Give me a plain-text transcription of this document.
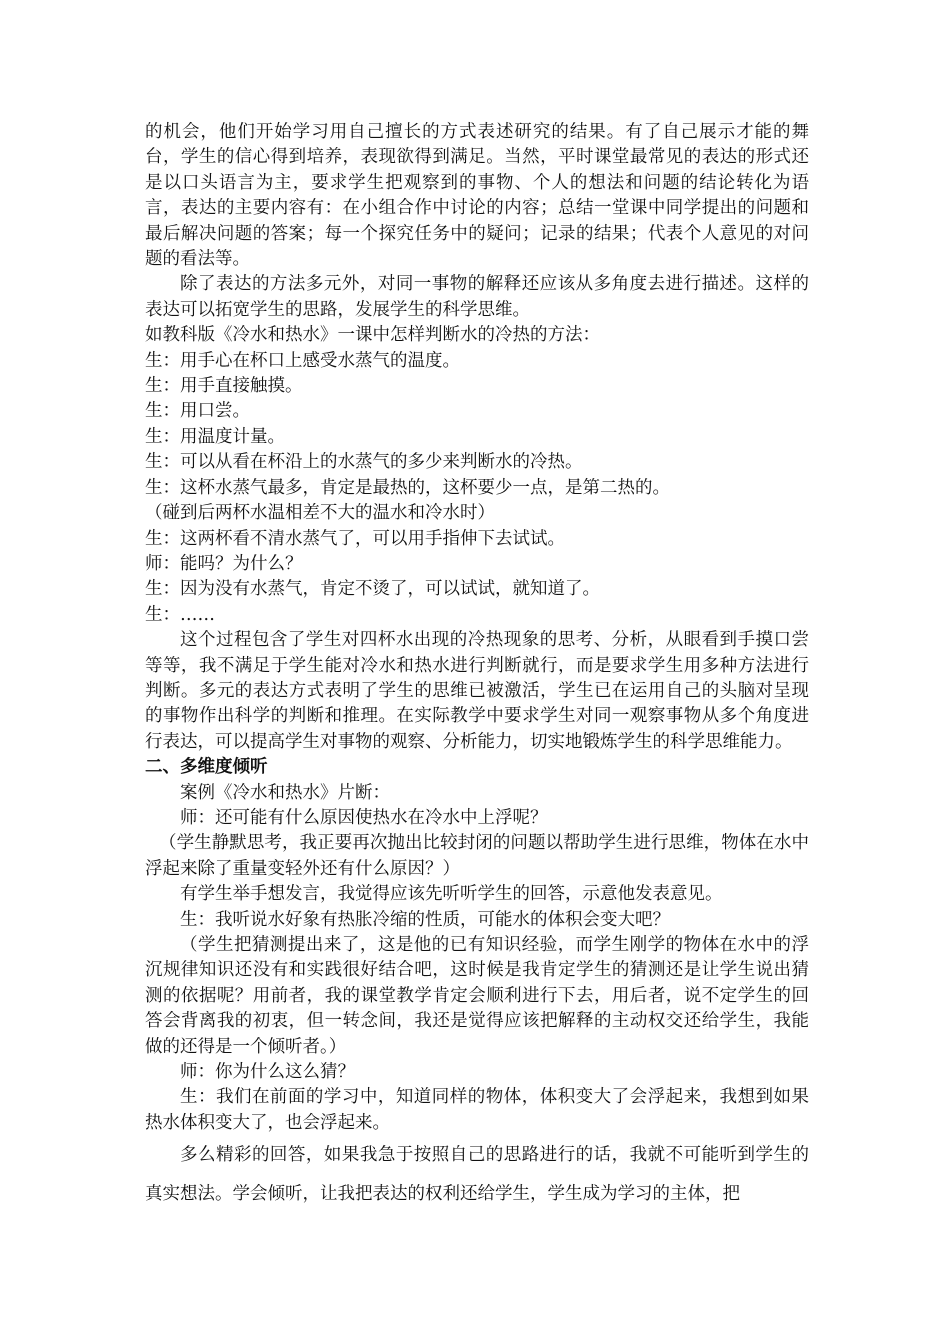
的机会，他们开始学习用自己擅长的方式表述研究的结果。有了自己展示才能的舞台，学生的信心得到培养，表现欲得到满足。当然，平时课堂最常见的表达的形式还是以口头语言为主，要求学生把观察到的事物、个人的想法和问题的结论转化为语言，表达的主要内容有：在小组合作中讨论的内容；总结一堂课中同学提出的问题和最后解决问题的答案；每一个探究任务中的疑问；记录的结果；代表个人意见的对问题的看法等。

除了表达的方法多元外，对同一事物的解释还应该从多角度去进行描述。这样的表达可以拓宽学生的思路，发展学生的科学思维。

如教科版《冷水和热水》一课中怎样判断水的冷热的方法：

生：用手心在杯口上感受水蒸气的温度。

生：用手直接触摸。

生：用口尝。

生：用温度计量。

生：可以从看在杯沿上的水蒸气的多少来判断水的冷热。

生：这杯水蒸气最多，肯定是最热的，这杯要少一点，是第二热的。

（碰到后两杯水温相差不大的温水和冷水时）

生：这两杯看不清水蒸气了，可以用手指伸下去试试。

师：能吗？为什么？

生：因为没有水蒸气，肯定不烫了，可以试试，就知道了。

生：……

这个过程包含了学生对四杯水出现的冷热现象的思考、分析，从眼看到手摸口尝等等，我不满足于学生能对冷水和热水进行判断就行，而是要求学生用多种方法进行判断。多元的表达方式表明了学生的思维已被激活，学生已在运用自己的头脑对呈现的事物作出科学的判断和推理。在实际教学中要求学生对同一观察事物从多个角度进行表达，可以提高学生对事物的观察、分析能力，切实地锻炼学生的科学思维能力。

二、多维度倾听

案例《冷水和热水》片断：

师：还可能有什么原因使热水在冷水中上浮呢？

（学生静默思考，我正要再次抛出比较封闭的问题以帮助学生进行思维，物体在水中浮起来除了重量变轻外还有什么原因？）

有学生举手想发言，我觉得应该先听听学生的回答，示意他发表意见。

生：我听说水好象有热胀冷缩的性质，可能水的体积会变大吧？

（学生把猜测提出来了，这是他的已有知识经验，而学生刚学的物体在水中的浮沉规律知识还没有和实践很好结合吧，这时候是我肯定学生的猜测还是让学生说出猜测的依据呢？用前者，我的课堂教学肯定会顺利进行下去，用后者，说不定学生的回答会背离我的初衷，但一转念间，我还是觉得应该把解释的主动权交还给学生，我能做的还得是一个倾听者。）

师：你为什么这么猜？

生：我们在前面的学习中，知道同样的物体，体积变大了会浮起来，我想到如果热水体积变大了，也会浮起来。

多么精彩的回答，如果我急于按照自己的思路进行的话，我就不可能听到学生的真实想法。学会倾听，让我把表达的权利还给学生，学生成为学习的主体，把
